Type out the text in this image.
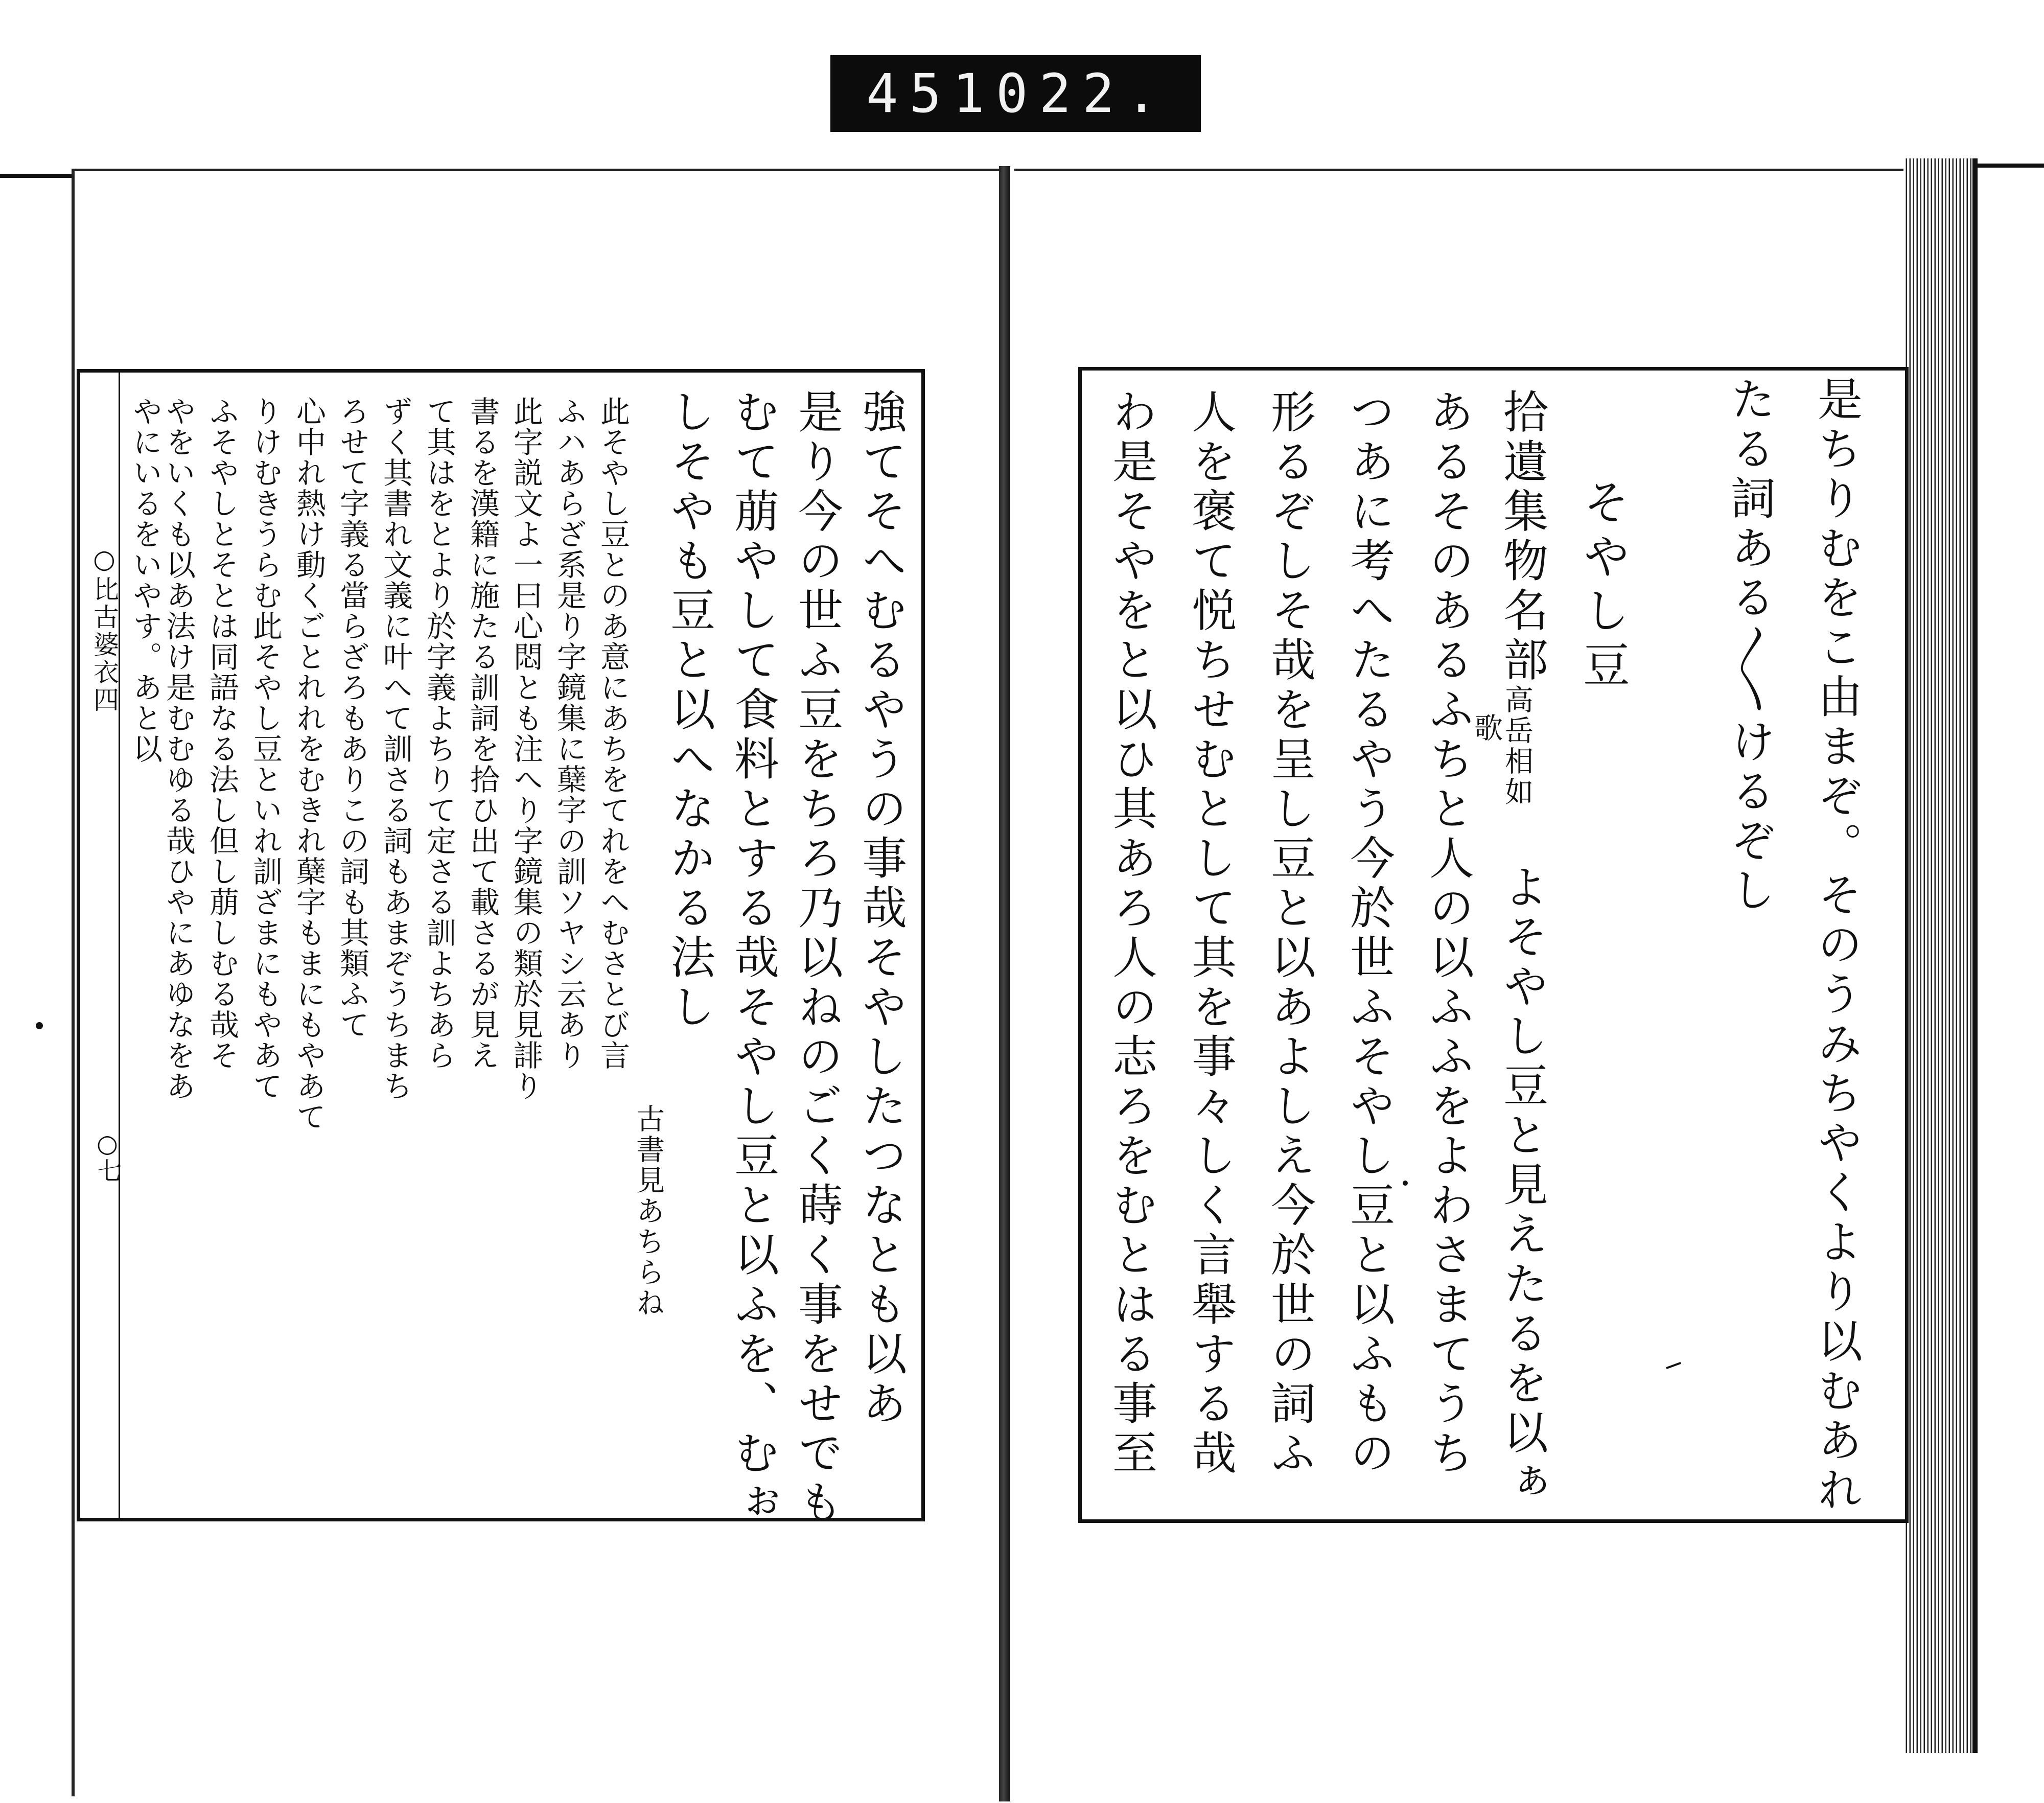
451 022.
○比古婆衣四
○七	強てそへむるやうの事哉そやしたつなとも以あ
是り今の世ふ豆をちろ乃以ねのごく蒔く事をせでも
むて萠やして食料とする哉そやし豆と以ふを、むぉ
しそやも豆と以へなかる法し
古書見あちらね
此そやし豆とのあ意にあちをてれをへむさとび言
ふハあらざ系是り字鏡集に蘖字の訓ソヤシ云あり
此字説文よ一曰心悶とも注へり字鏡集の類於見誹り
書るを漢籍に施たる訓詞を拾ひ出て載さるが見え
て其はをとより於字義よちりて定さる訓よちあら
ずく其書れ文義に叶へて訓さる詞もあまぞうちまち
ろせて字義る當らざろもありこの詞も其類ふて
心中れ熱け動くごとれれをむきれ蘖字もまにもやあて
りけむきうらむ此そやし豆といれ訓ざまにもやあて
ふそやしとそとは同語なる法し但し萠しむる哉そ
やをいくも以あ法け是むむゆる哉ひやにあゆなをあ
やにいるをいやす。あと以	是ちりむをこ由まぞ。そのうみちやくより以むあれ
たる詞ある〳〵けるぞし
そやし豆
拾遺集物名部
高岳相如
歌
よそやし豆と見えたるを以ぁ
あるそのあるふちと人の以ふふをよわさまてうち
つあに考へたるやう今於世ふそやし豆と以ふもの
形るぞしそ哉を呈し豆と以あよしえ今於世の詞ふ
人を褒て悦ちせむとして其を事々しく言舉する哉
わ是そやをと以ひ其あろ人の志ろをむとはる事至
